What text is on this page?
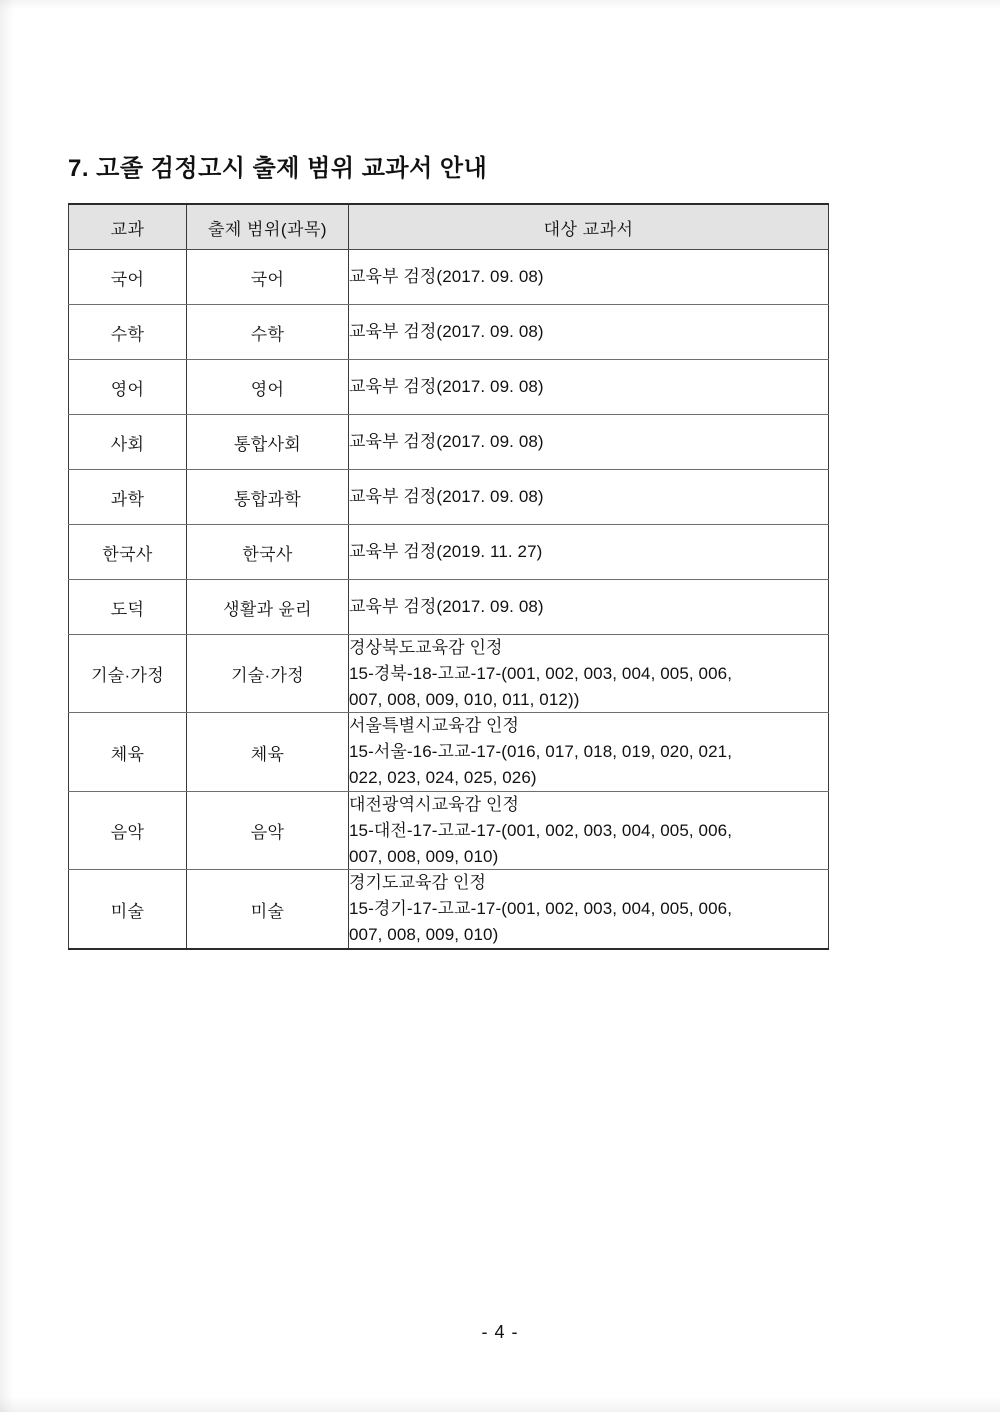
7. 고졸 검정고시 출제 범위 교과서 안내
교과	출제 범위(과목)	대상 교과서
국어	국어	교육부 검정(2017. 09. 08)

수학	수학	교육부 검정(2017. 09. 08)

영어	영어	교육부 검정(2017. 09. 08)

사회	통합사회	교육부 검정(2017. 09. 08)

과학	통합과학	교육부 검정(2017. 09. 08)

한국사	한국사	교육부 검정(2019. 11. 27)

도덕	생활과 윤리	교육부 검정(2017. 09. 08)

기술·가정	기술·가정	경상북도교육감 인정
15-경북-18-고교-17-(001, 002, 003, 004, 005, 006,
007, 008, 009, 010, 011, 012))

체육	체육	서울특별시교육감 인정
15-서울-16-고교-17-(016, 017, 018, 019, 020, 021,
022, 023, 024, 025, 026)

음악	음악	대전광역시교육감 인정
15-대전-17-고교-17-(001, 002, 003, 004, 005, 006,
007, 008, 009, 010)

미술	미술	경기도교육감 인정
15-경기-17-고교-17-(001, 002, 003, 004, 005, 006,
007, 008, 009, 010)
- 4 -
